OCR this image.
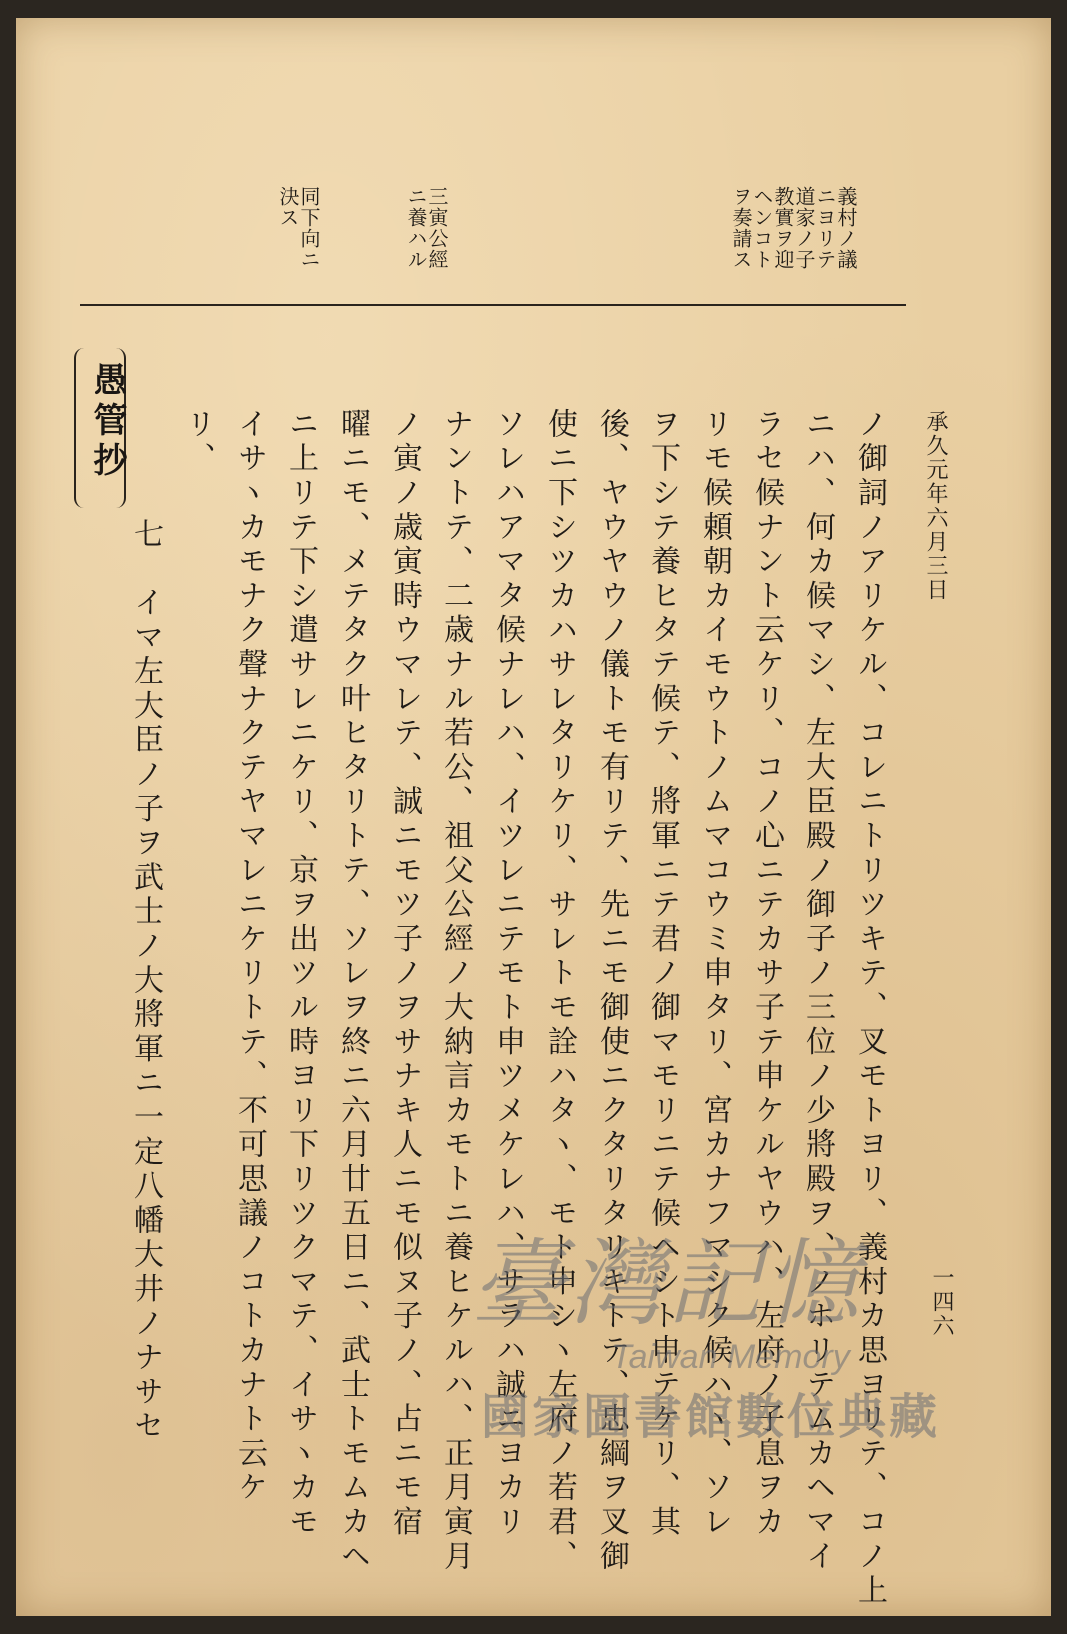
承久元年六月三日
一四六
義村ノ議
ニヨリテ
道家ノ子
教實ヲ迎
ヘンコト
ヲ奏請ス
三寅公經
ニ養ハル
同下向ニ
決ス
ノ御詞ノアリケル、コレニトリツキテ、叉モトヨリ、義村カ思ヨリテ、コノ上
ニハ、何カ候マシ、左大臣殿ノ御子ノ三位ノ少將殿ヲ、ノホリテムカヘマイ
ラセ候ナント云ケリ、コノ心ニテカサ子テ申ケルヤウハ、左府ノ子息ヲカ
リモ候頼朝カイモウトノムマコウミ申タリ、宮カナフマシク候ハヽ、ソレ
ヲ下シテ養ヒタテ候テ、將軍ニテ君ノ御マモリニテ候ヘシト申テケリ、其
後、ヤウヤウノ儀トモ有リテ、先ニモ御使ニクタリタリキトテ、忠綱ヲ叉御
使ニ下シツカハサレタリケリ、サレトモ詮ハタヽ、モト申シヽ左府ノ若君、
ソレハアマタ候ナレハ、イツレニテモト申ツメケレハ、サラハ誠ニヨカリ
ナントテ、二歳ナル若公、祖父公經ノ大納言カモトニ養ヒケルハ、正月寅月
ノ寅ノ歳寅時ウマレテ、誠ニモツ子ノヲサナキ人ニモ似ヌ子ノ、占ニモ宿
曜ニモ、メテタク叶ヒタリトテ、ソレヲ終ニ六月廿五日ニ、武士トモムカヘ
ニ上リテ下シ遣サレニケリ、京ヲ出ツル時ヨリ下リツクマテ、イサヽカモ
イサヽカモナク聲ナクテヤマレニケリトテ、不可思議ノコトカナト云ケ
リ、
七　イマ左大臣ノ子ヲ武士ノ大將軍ニ一定八幡大井ノナサセ
愚管抄
臺灣記憶
Taiwan Memory
國家圖書館數位典藏
